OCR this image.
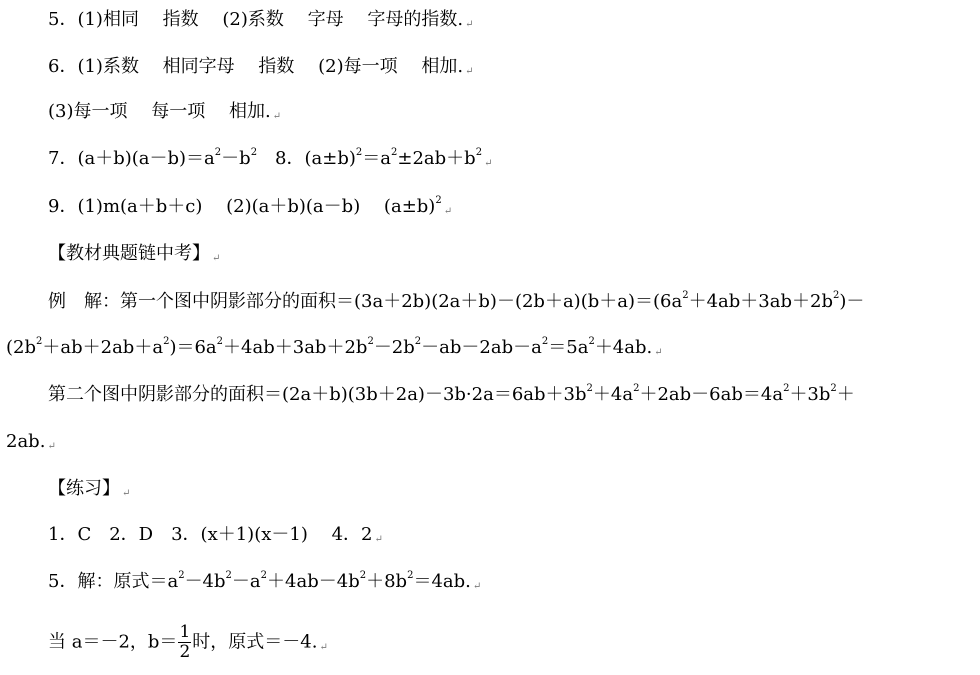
5．(1)相同　 指数　 (2)系数　 字母　 字母的指数. ↵
6．(1)系数　 相同字母　 指数　 (2)每一项　 相加. ↵
(3)每一项　 每一项　 相加. ↵
7．$(a+b)(a-b)=a^2-b^2$　8．$(a\pm b)^2=a^2\pm 2ab+b^2↵$
9．(1)m(a＋b＋c)　 (2)(a＋b)(a－b)　 $(a\pm b)^2↵$
【教材典题链中考】 ↵
例　解：第一个图中阴影部分的面积$=(3a+2b)(2a+b)-(2b+a)(b+a)=(6a^2+4ab+3ab+2b^2)-$
$(2b^2+ab+2ab+a^2)=6a^2+4ab+3ab+2b^2-2b^2-ab-2ab-a^2=5a^2+4ab$. ↵
第二个图中阴影部分的面积$=(2a+b)(3b+2a)-3b\cdot 2a=6ab+3b^2+4a^2+2ab-6ab=4a^2+3b^2+$
2ab. ↵
【练习】 ↵
1．C　2．D　3．(x＋1)(x－1)　 4．2 ↵
5．解：原式$=a^2-4b^2-a^2+4ab-4b^2+8b^2=4ab$. ↵
当 a＝－2，$b= \frac{1}{2}$ 时，原式＝－4. ↵
